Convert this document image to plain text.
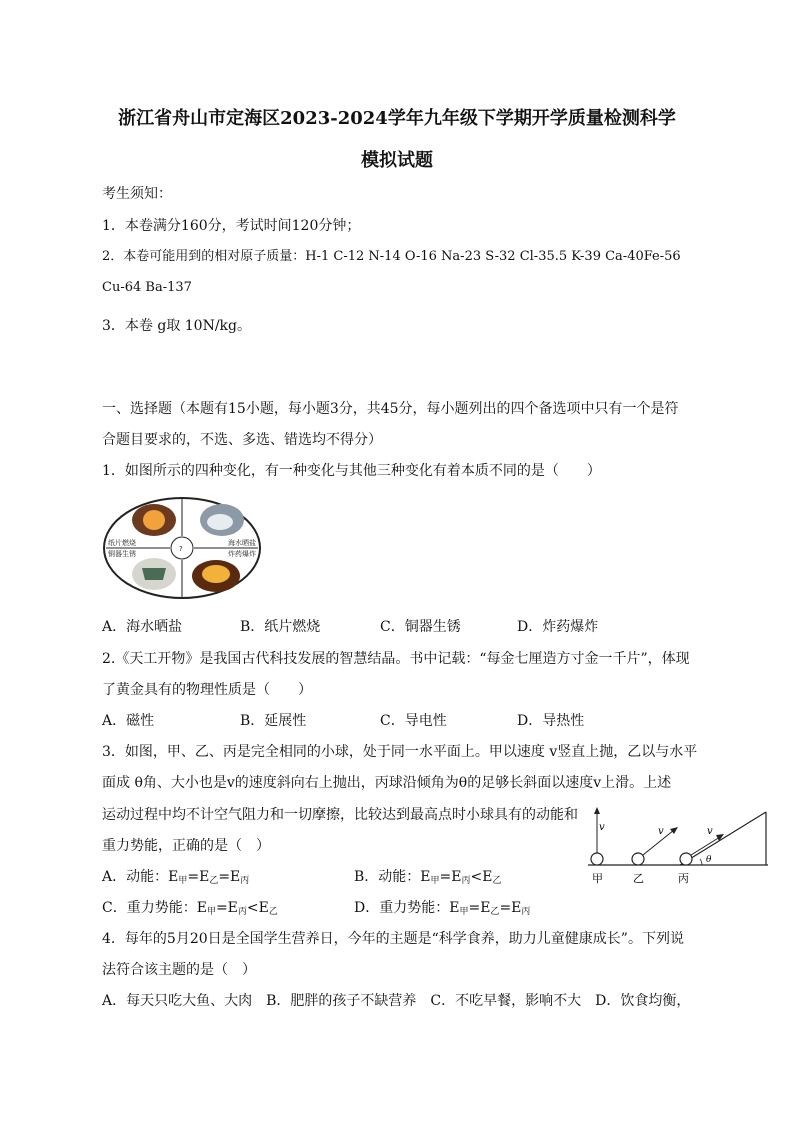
浙江省舟山市定海区2023-2024学年九年级下学期开学质量检测科学
模拟试题
考生须知：
1．本卷满分160分，考试时间120分钟；
2．本卷可能用到的相对原子质量：H-1 C-12 N-14 O-16 Na-23 S-32 Cl-35.5 K-39 Ca-40Fe-56
Cu-64 Ba-137
3．本卷 g取 10N/kg。
一、选择题（本题有15小题，每小题3分，共45分，每小题列出的四个备选项中只有一个是符
合题目要求的，不选、多选、错选均不得分）
1．如图所示的四种变化，有一种变化与其他三种变化有着本质不同的是（　　）
纸片燃烧
铜器生锈
海水晒盐
炸药爆炸
?
A．海水晒盐	B．纸片燃烧	C．铜器生锈	D．炸药爆炸
2.《天工开物》是我国古代科技发展的智慧结晶。书中记载：“每金七厘造方寸金一千片”，体现
了黄金具有的物理性质是（　　）
A．磁性	B．延展性	C．导电性	D．导热性
3．如图，甲、乙、丙是完全相同的小球，处于同一水平面上。甲以速度 v竖直上抛，乙以与水平
面成 θ角、大小也是v的速度斜向右上抛出，丙球沿倾角为θ的足够长斜面以速度v上滑。上述
运动过程中均不计空气阻力和一切摩擦，比较达到最高点时小球具有的动能和
重力势能，正确的是（　）
v	v	v
θ
甲	乙	丙
A．动能：$E_甲=E_乙=E_丙$	B．动能：$E_甲=E_丙<E_乙$
C．重力势能：$E_甲=E_丙<E_乙$	D．重力势能：$E_甲=E_乙=E_丙$
4．每年的5月20日是全国学生营养日，今年的主题是“科学食养，助力儿童健康成长”。下列说
法符合该主题的是（　）
A．每天只吃大鱼、大肉　B．肥胖的孩子不缺营养　C．不吃早餐，影响不大　D．饮食均衡，
